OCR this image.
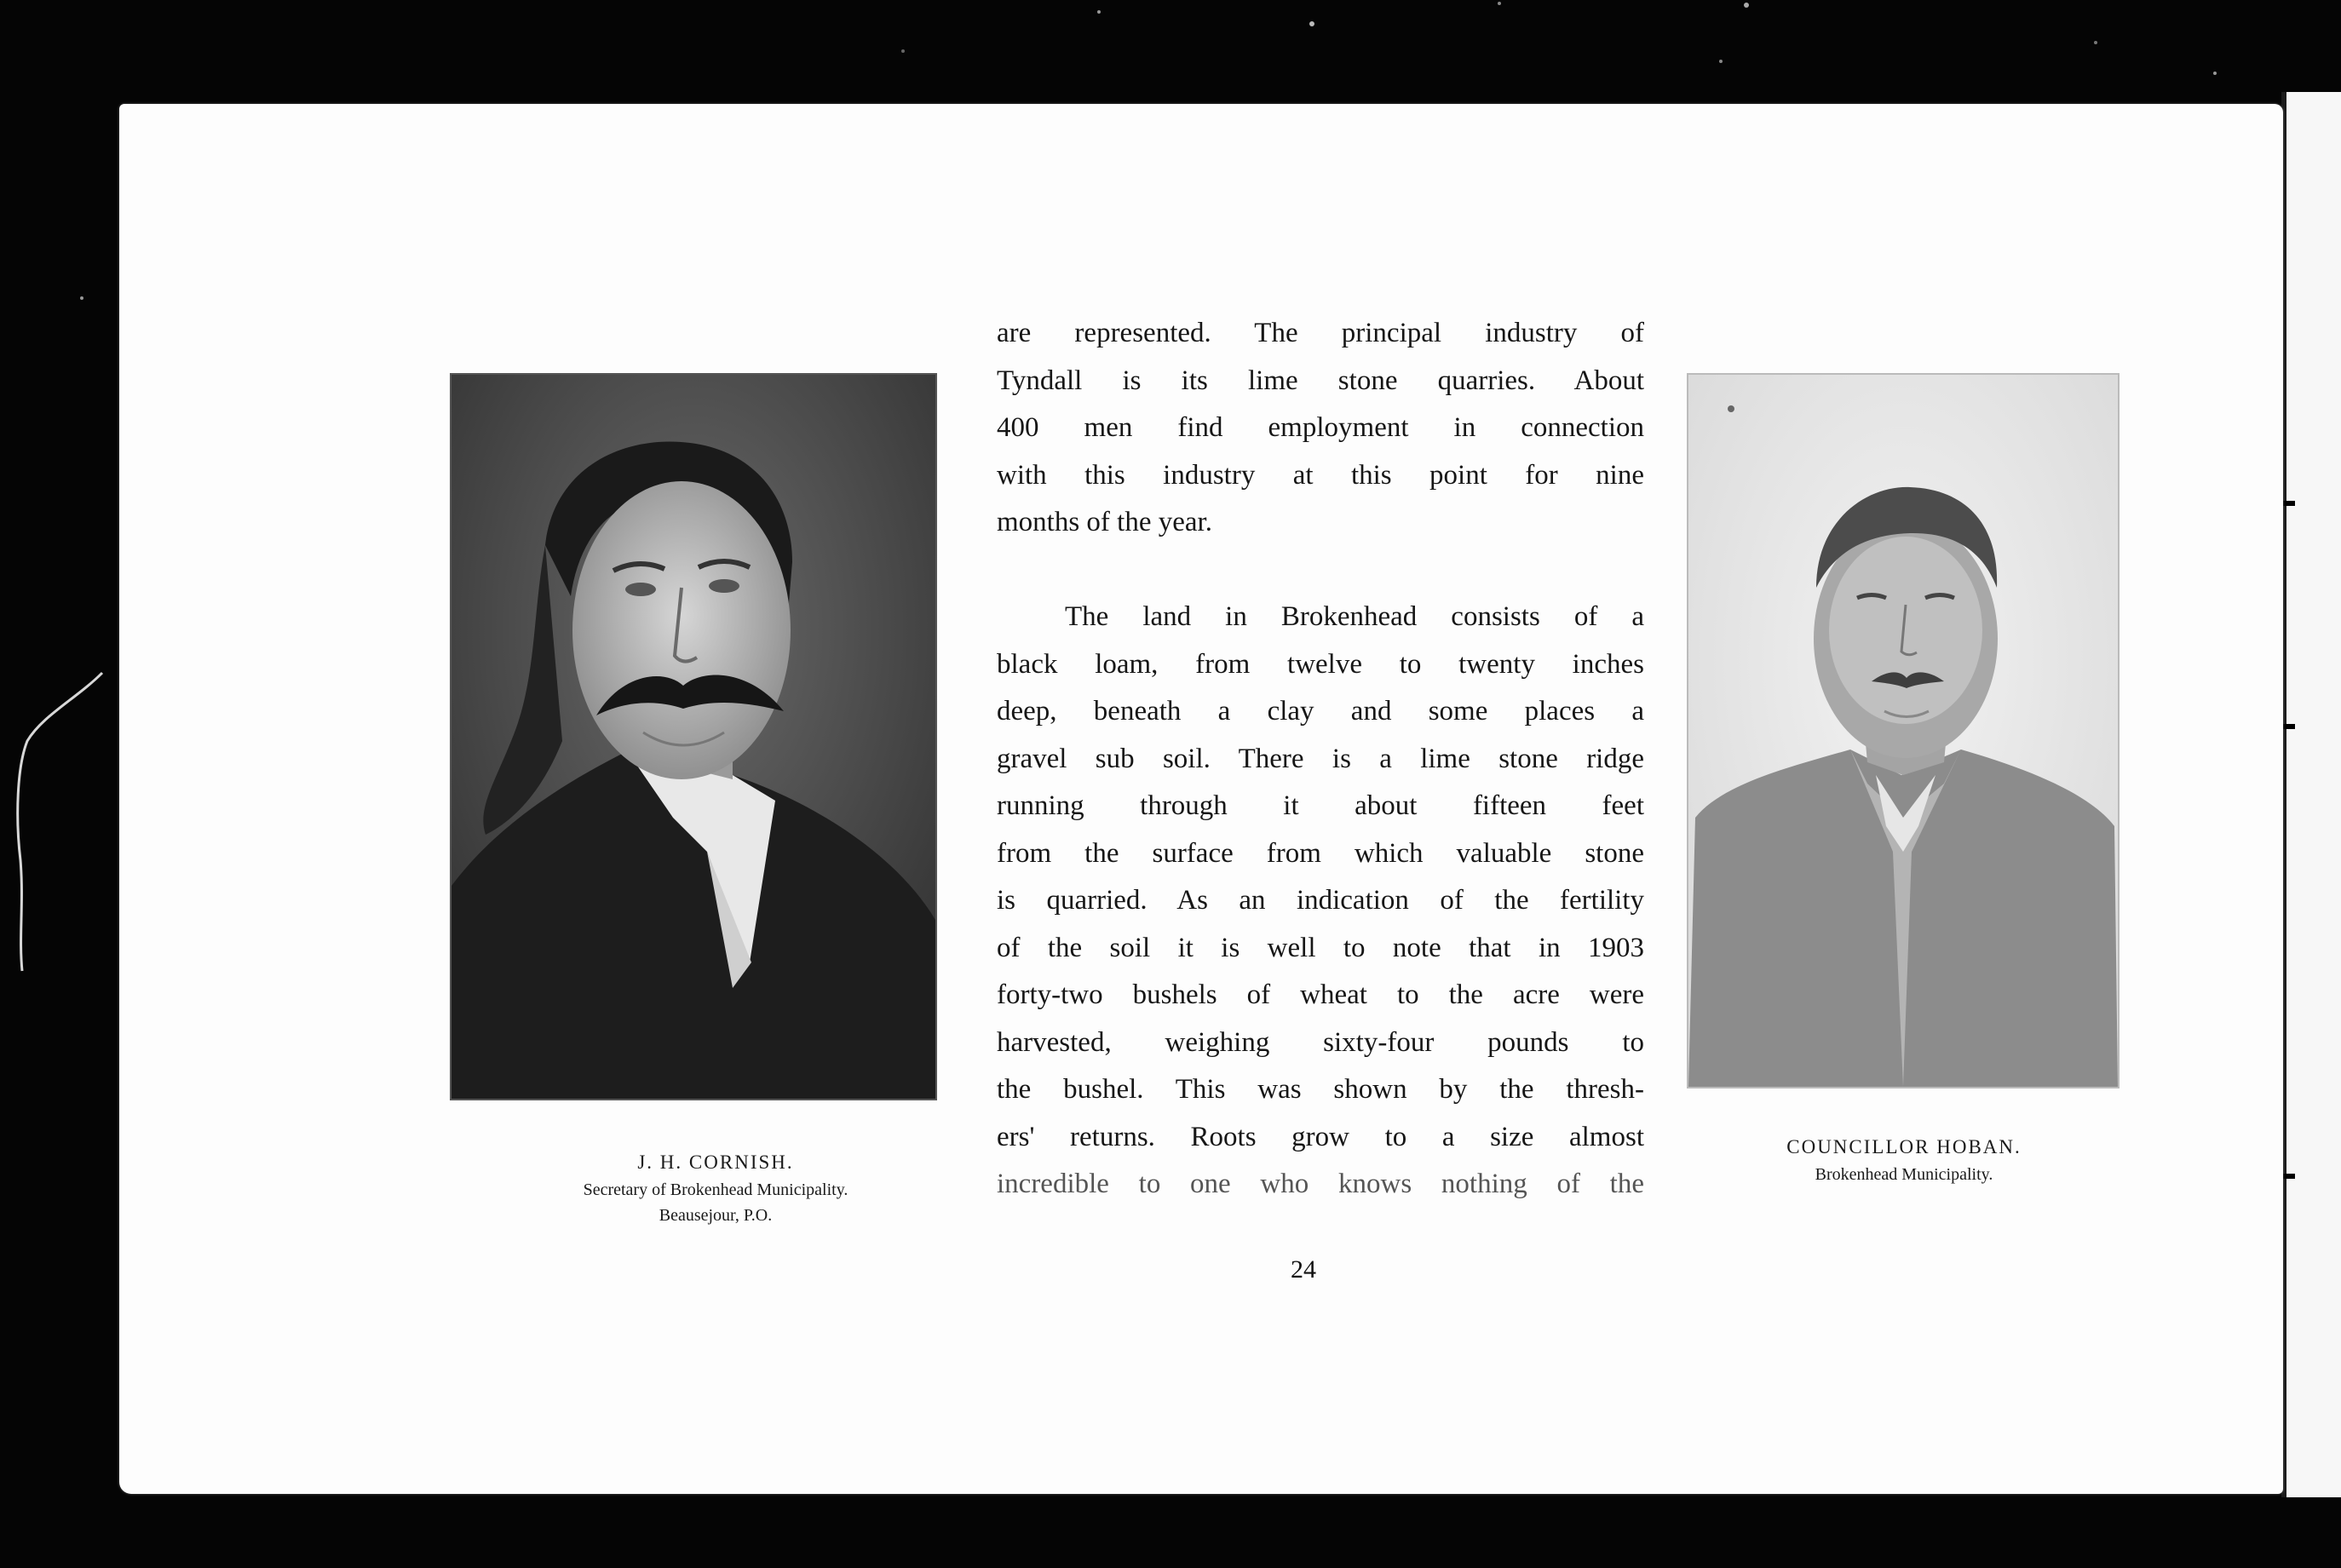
J. H. CORNISH.
Secretary of Brokenhead Municipality.
Beausejour, P.O.
COUNCILLOR HOBAN.
Brokenhead Municipality.
are represented. The principal industry of
Tyndall is its lime stone quarries. About
400 men find employment in connection
with this industry at this point for nine
months of the year.
The land in Brokenhead consists of a
black loam, from twelve to twenty inches
deep, beneath a clay and some places a
gravel sub soil. There is a lime stone ridge
running through it about fifteen feet
from the surface from which valuable stone
is quarried. As an indication of the fertility
of the soil it is well to note that in 1903
forty-two bushels of wheat to the acre were
harvested, weighing sixty-four pounds to
the bushel. This was shown by the thresh-
ers' returns. Roots grow to a size almost
incredible to one who knows nothing of the
24
